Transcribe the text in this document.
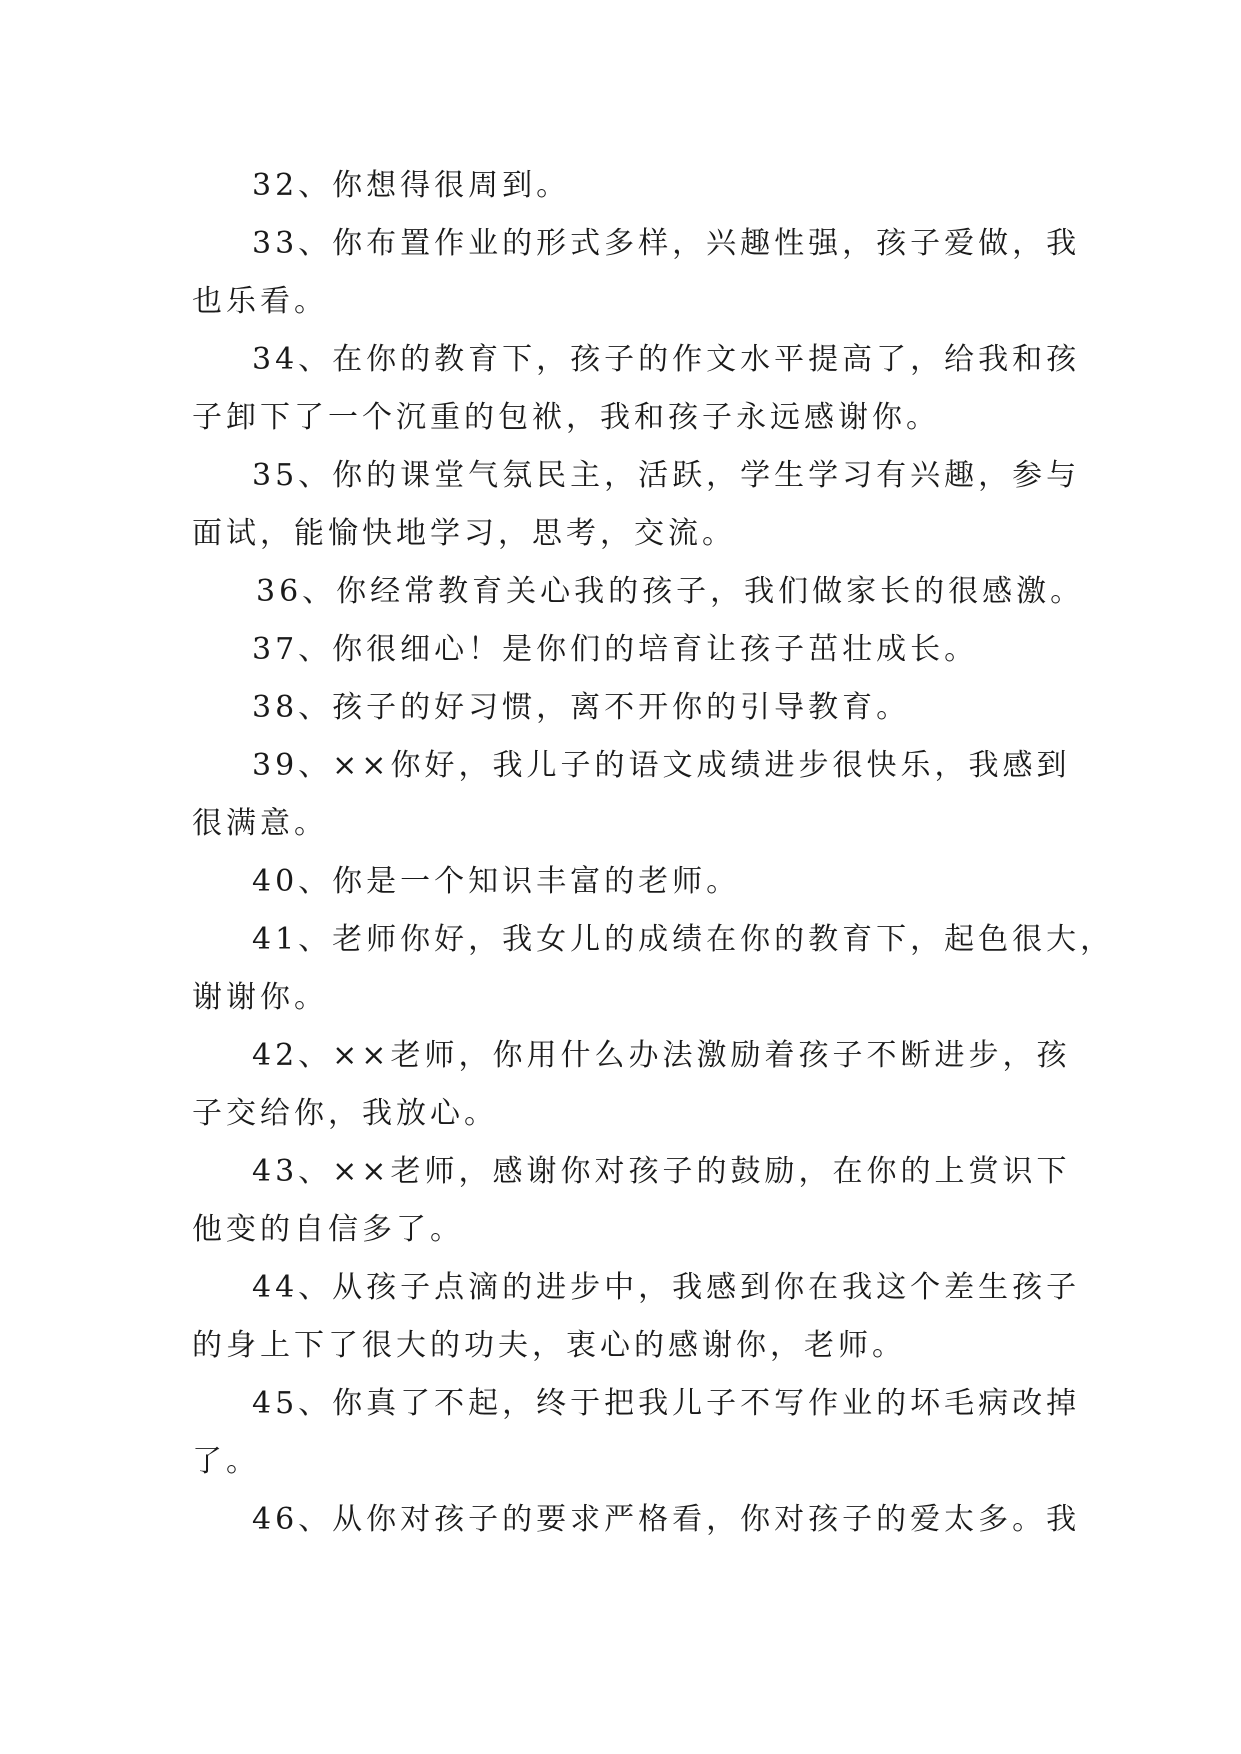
32、你想得很周到。
33、你布置作业的形式多样，兴趣性强，孩子爱做，我
也乐看。
34、在你的教育下，孩子的作文水平提高了，给我和孩
子卸下了一个沉重的包袱，我和孩子永远感谢你。
35、你的课堂气氛民主，活跃，学生学习有兴趣，参与
面试，能愉快地学习，思考，交流。
36、你经常教育关心我的孩子，我们做家长的很感激。
37、你很细心！是你们的培育让孩子茁壮成长。
38、孩子的好习惯，离不开你的引导教育。
39、××你好，我儿子的语文成绩进步很快乐，我感到
很满意。
40、你是一个知识丰富的老师。
41、老师你好，我女儿的成绩在你的教育下，起色很大，
谢谢你。
42、××老师，你用什么办法激励着孩子不断进步，孩
子交给你，我放心。
43、××老师，感谢你对孩子的鼓励，在你的上赏识下
他变的自信多了。
44、从孩子点滴的进步中，我感到你在我这个差生孩子
的身上下了很大的功夫，衷心的感谢你，老师。
45、你真了不起，终于把我儿子不写作业的坏毛病改掉
了。
46、从你对孩子的要求严格看，你对孩子的爱太多。我
